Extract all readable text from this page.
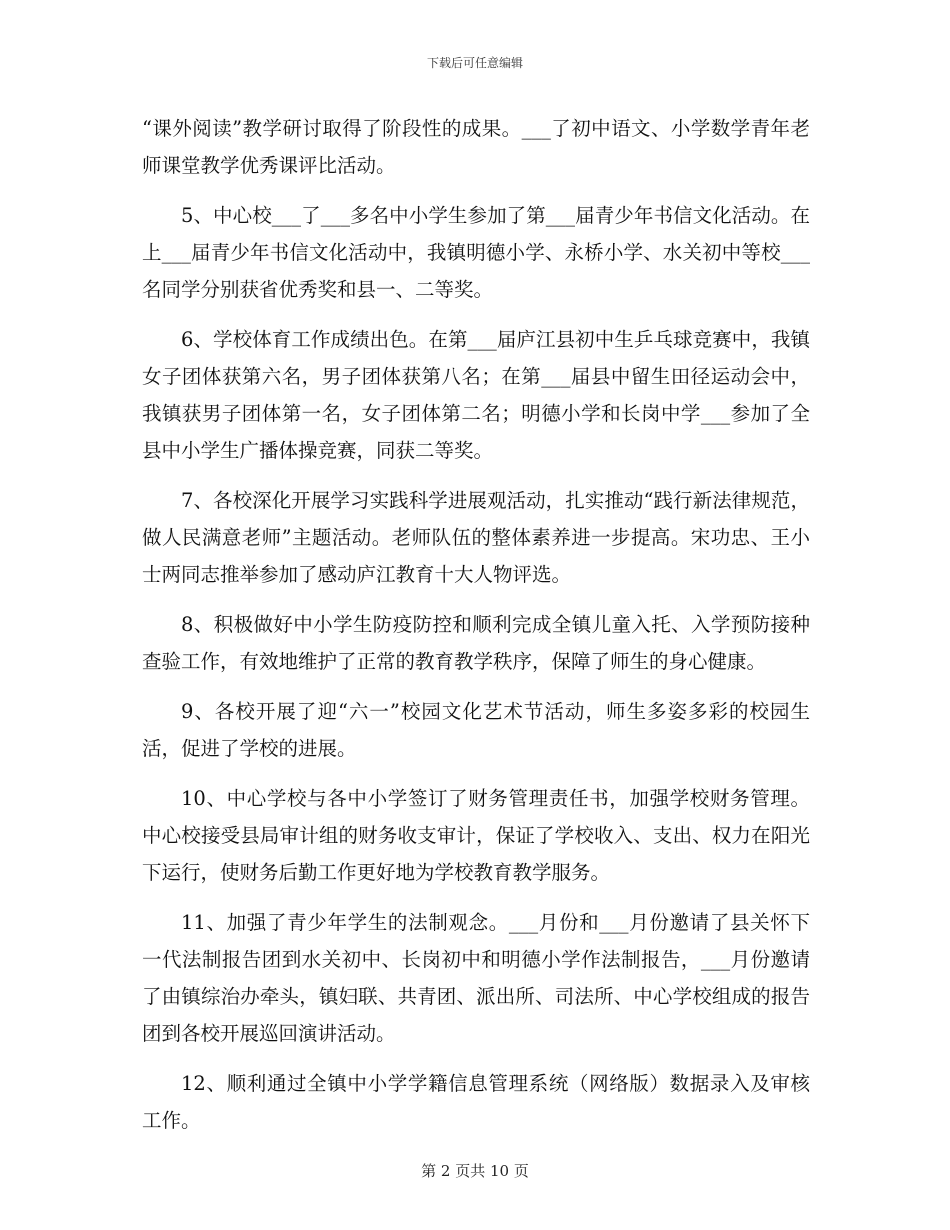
下载后可任意编辑

“课外阅读”教学研讨取得了阶段性的成果。___了初中语文、小学数学青年老师课堂教学优秀课评比活动。

5、中心校___了___多名中小学生参加了第___届青少年书信文化活动。在上___届青少年书信文化活动中，我镇明德小学、永桥小学、水关初中等校___名同学分别获省优秀奖和县一、二等奖。

6、学校体育工作成绩出色。在第___届庐江县初中生乒乓球竞赛中，我镇女子团体获第六名，男子团体获第八名；在第___届县中留生田径运动会中，我镇获男子团体第一名，女子团体第二名；明德小学和长岗中学___参加了全县中小学生广播体操竞赛，同获二等奖。

7、各校深化开展学习实践科学进展观活动，扎实推动“践行新法律规范，做人民满意老师”主题活动。老师队伍的整体素养进一步提高。宋功忠、王小士两同志推举参加了感动庐江教育十大人物评选。

8、积极做好中小学生防疫防控和顺利完成全镇儿童入托、入学预防接种查验工作，有效地维护了正常的教育教学秩序，保障了师生的身心健康。

9、各校开展了迎“六一”校园文化艺术节活动，师生多姿多彩的校园生活，促进了学校的进展。

10、中心学校与各中小学签订了财务管理责任书，加强学校财务管理。中心校接受县局审计组的财务收支审计，保证了学校收入、支出、权力在阳光下运行，使财务后勤工作更好地为学校教育教学服务。

11、加强了青少年学生的法制观念。___月份和___月份邀请了县关怀下一代法制报告团到水关初中、长岗初中和明德小学作法制报告，___月份邀请了由镇综治办牵头，镇妇联、共青团、派出所、司法所、中心学校组成的报告团到各校开展巡回演讲活动。

12、顺利通过全镇中小学学籍信息管理系统（网络版）数据录入及审核工作。

第 2 页共 10 页
